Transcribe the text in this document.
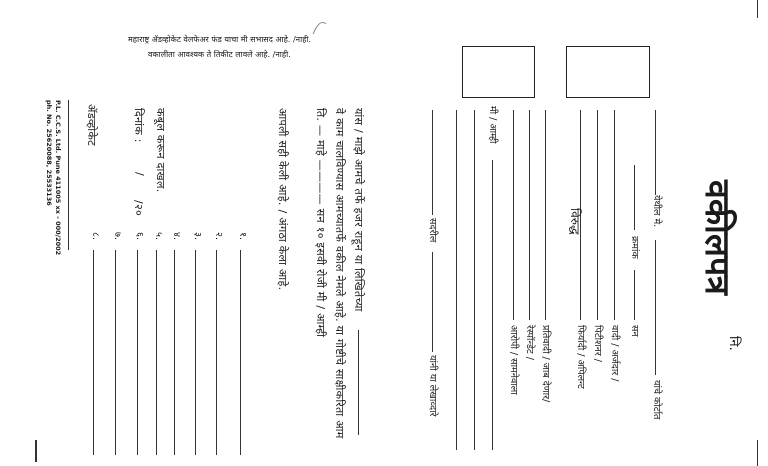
महाराष्ट्र ॲडव्होकेट वेलफेअर फंड याचा मी सभासद आहे. /नाही.
वकालीता आवश्यक ते तिकीट लावले आहे. /नाही.
वकीलपत्र
नि.
येथील मे.
यांचे कोर्टात
क्रमांक
सन
वादी / अर्जदार /
पिटीशनर /
फिर्यादी / अपिलन्ट
विरुद्ध
प्रतिवादी / जाब देणार/
रेस्पॉन्डेट /
आरोपी / सामनेवाला
मी / आम्ही
सदरील
यांनी या लेखाव्दारे
यांस / माझे आमचे तर्फे हजर राहून या लिखितेच्या
वे काम चालविण्यास आमच्यातर्फे वकील नेमले आहे. या गोष्टीचे साक्षीकरिता आम
ति. — माहे ———— सन १० इसवी रोजी मी / आम्ही
आपली सही केली आहे. / अंगठा केला आहे.
१.
२.
३.
४.
५.
६.
७.
८.
कबूल करून दाखल.
दिनांक :
/
/२०
ॲडव्होकेट
P.L. C.C.S. Ltd. Pune 411005 xx - 000/2002
ph. No. 25620088, 25533136
